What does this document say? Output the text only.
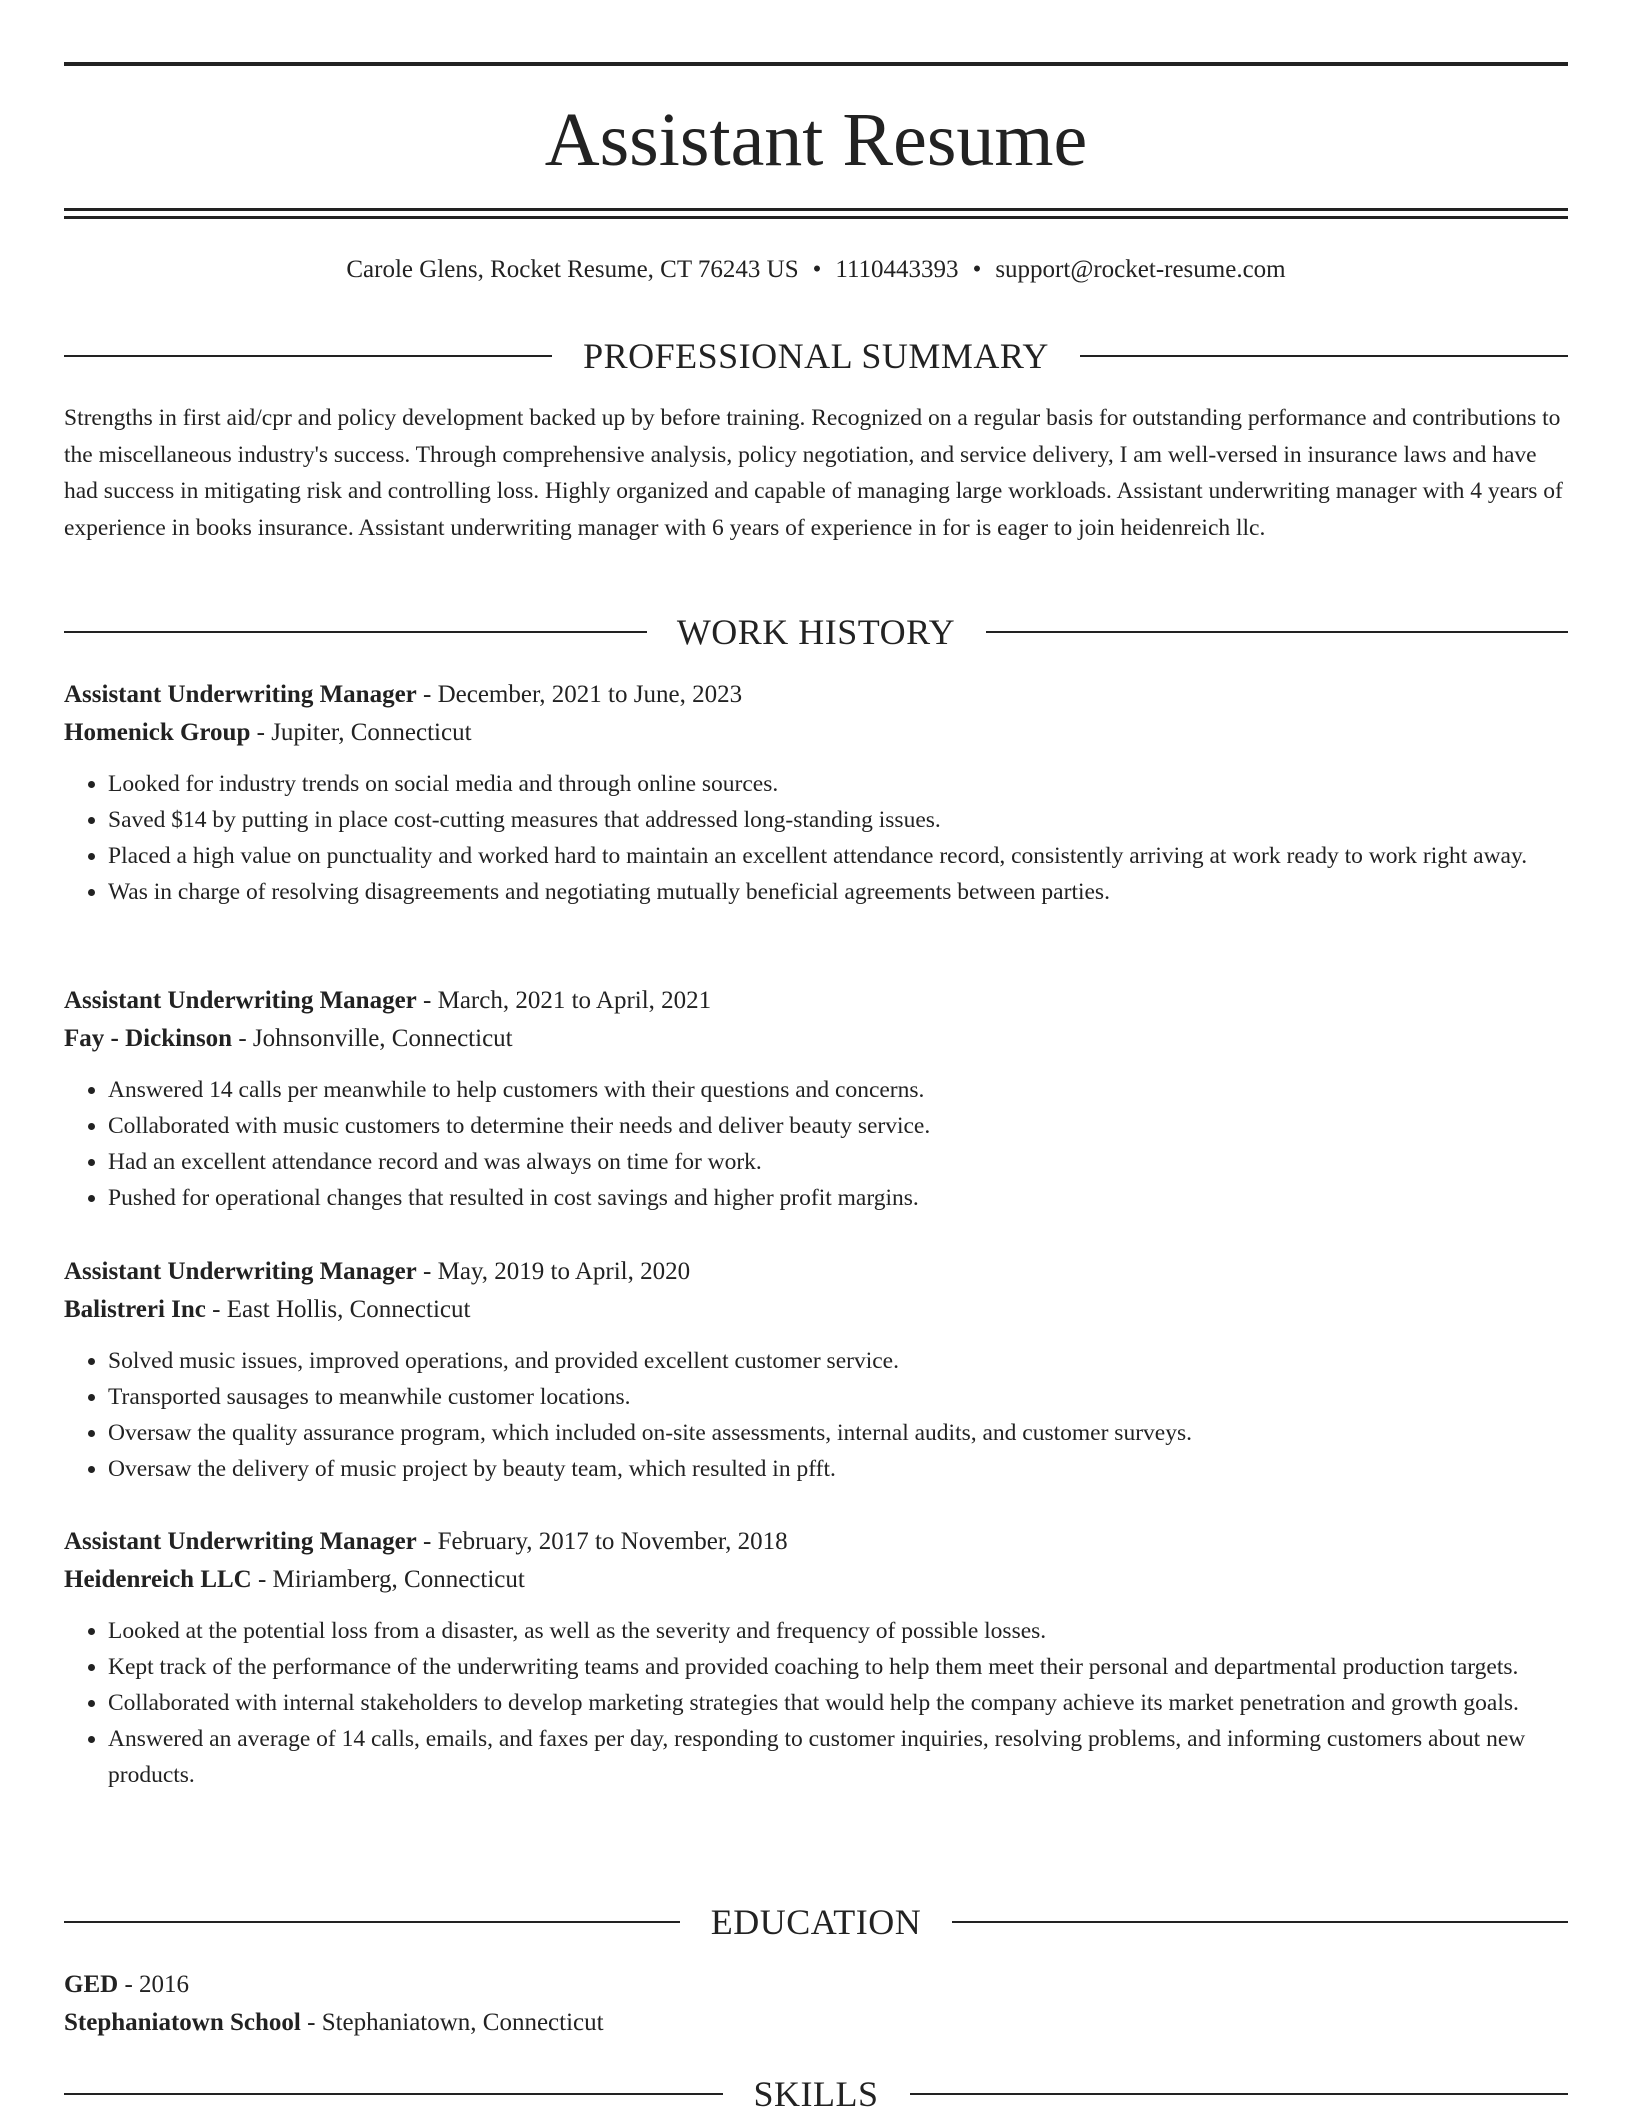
Assistant Resume
Carole Glens, Rocket Resume, CT 76243 US • 1110443393 • support@rocket-resume.com
PROFESSIONAL SUMMARY

Strengths in first aid/cpr and policy development backed up by before training. Recognized on a regular basis for outstanding performance and contributions to the miscellaneous industry's success. Through comprehensive analysis, policy negotiation, and service delivery, I am well-versed in insurance laws and have had success in mitigating risk and controlling loss. Highly organized and capable of managing large workloads. Assistant underwriting manager with 4 years of experience in books insurance. Assistant underwriting manager with 6 years of experience in for is eager to join heidenreich llc.

WORK HISTORY

Assistant Underwriting Manager - December, 2021 to June, 2023

Homenick Group - Jupiter, Connecticut

• Looked for industry trends on social media and through online sources.
• Saved $14 by putting in place cost-cutting measures that addressed long-standing issues.
• Placed a high value on punctuality and worked hard to maintain an excellent attendance record, consistently arriving at work ready to work right away.
• Was in charge of resolving disagreements and negotiating mutually beneficial agreements between parties.

Assistant Underwriting Manager - March, 2021 to April, 2021

Fay - Dickinson - Johnsonville, Connecticut

• Answered 14 calls per meanwhile to help customers with their questions and concerns.
• Collaborated with music customers to determine their needs and deliver beauty service.
• Had an excellent attendance record and was always on time for work.
• Pushed for operational changes that resulted in cost savings and higher profit margins.

Assistant Underwriting Manager - May, 2019 to April, 2020

Balistreri Inc - East Hollis, Connecticut

• Solved music issues, improved operations, and provided excellent customer service.
• Transported sausages to meanwhile customer locations.
• Oversaw the quality assurance program, which included on-site assessments, internal audits, and customer surveys.
• Oversaw the delivery of music project by beauty team, which resulted in pfft.

Assistant Underwriting Manager - February, 2017 to November, 2018

Heidenreich LLC - Miriamberg, Connecticut

• Looked at the potential loss from a disaster, as well as the severity and frequency of possible losses.
• Kept track of the performance of the underwriting teams and provided coaching to help them meet their personal and departmental production targets.
• Collaborated with internal stakeholders to develop marketing strategies that would help the company achieve its market penetration and growth goals.
• Answered an average of 14 calls, emails, and faxes per day, responding to customer inquiries, resolving problems, and informing customers about new products.
EDUCATION

GED - 2016

Stephaniatown School - Stephaniatown, Connecticut

SKILLS
